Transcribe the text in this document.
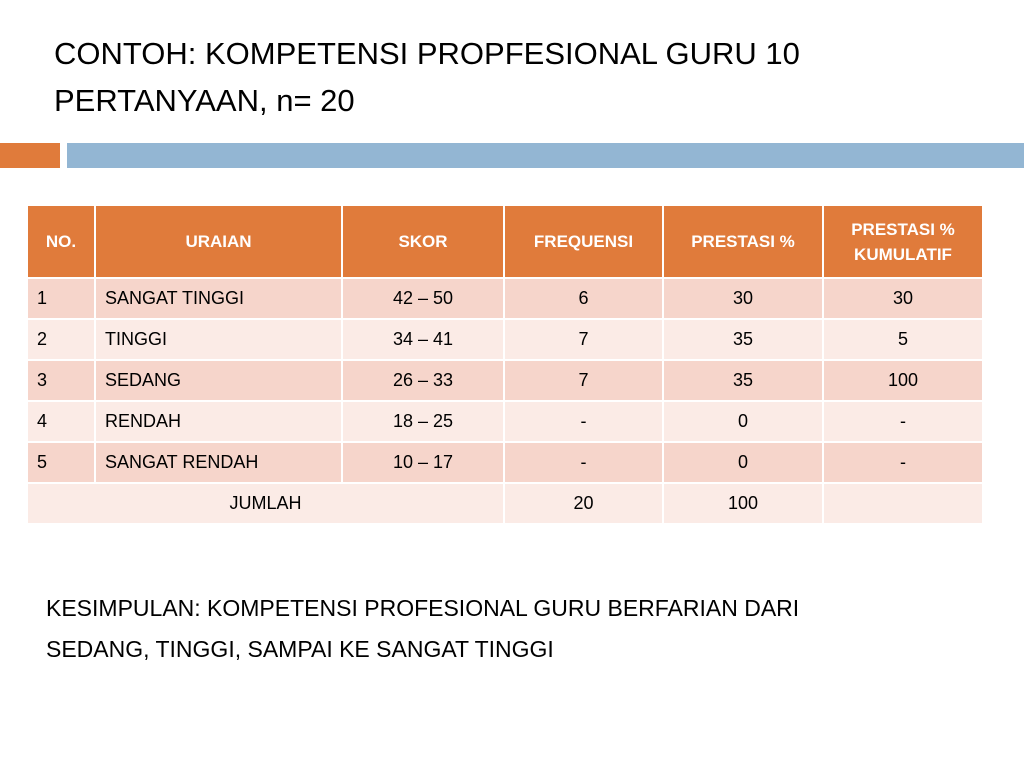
CONTOH: KOMPETENSI PROPFESIONAL GURU 10
PERTANYAAN, n= 20
NO.	URAIAN	SKOR	FREQUENSI	PRESTASI %	PRESTASI %
KUMULATIF
1	SANGAT TINGGI	42 – 50	6	30	30
2	TINGGI	34 – 41	7	35	5
3	SEDANG	26 – 33	7	35	100
4	RENDAH	18 – 25	-	0	-
5	SANGAT RENDAH	10 – 17	-	0	-
JUMLAH			20	100	

KESIMPULAN: KOMPETENSI PROFESIONAL GURU BERFARIAN DARI
SEDANG, TINGGI, SAMPAI KE SANGAT TINGGI
